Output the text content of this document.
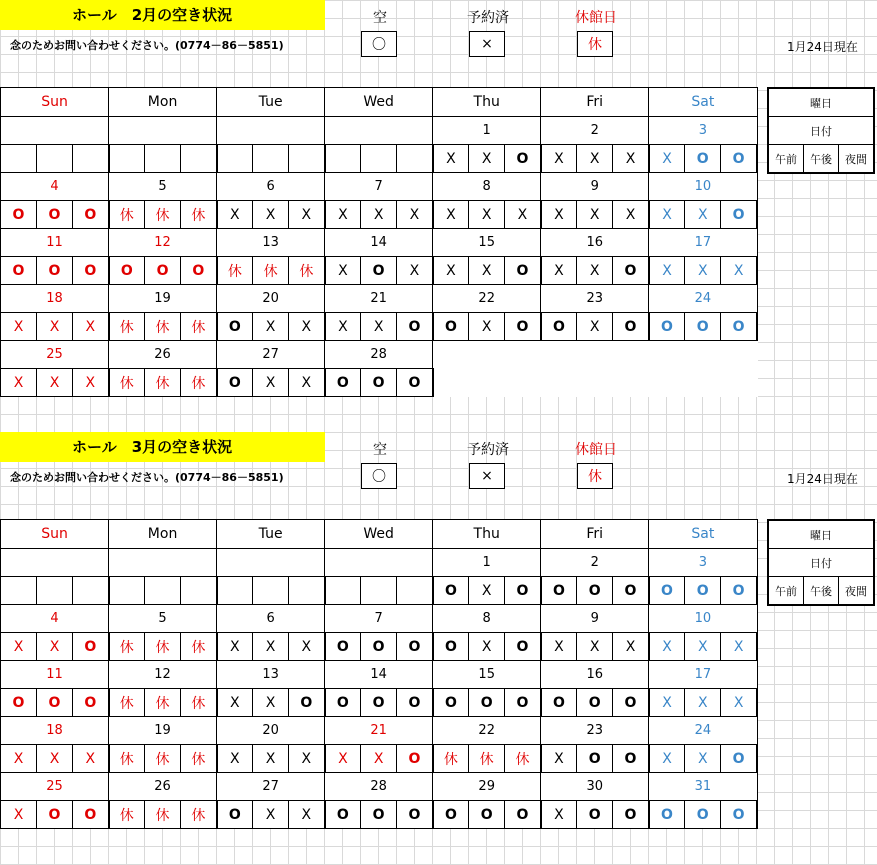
ホール　2月の空き状況
念のためお問い合わせください。(0774－86－5851)
空
〇
予約済
×
休館日
休	1月24日現在
Sun			Mon			Tue			Wed			Thu			Fri			Sat		
												1			2			3		
												X	X	O	X	X	X	X	O	O
4			5			6			7			8			9			10		
O	O	O	休	休	休	X	X	X	X	X	X	X	X	X	X	X	X	X	X	O
11			12			13			14			15			16			17		
O	O	O	O	O	O	休	休	休	X	O	X	X	X	O	X	X	O	X	X	X
18			19			20			21			22			23			24		
X	X	X	休	休	休	O	X	X	X	X	O	O	X	O	O	X	O	O	O	O
25			26			27			28											
X	X	X	休	休	休	O	X	X	O	O	O									
曜日
日付
午前	午後	夜間
ホール　3月の空き状況
念のためお問い合わせください。(0774－86－5851)
空
〇
予約済
×
休館日
休	1月24日現在
Sun			Mon			Tue			Wed			Thu			Fri			Sat		
												1			2			3		
												O	X	O	O	O	O	O	O	O
4			5			6			7			8			9			10		
X	X	O	休	休	休	X	X	X	O	O	O	O	X	O	X	X	X	X	X	X
11			12			13			14			15			16			17		
O	O	O	休	休	休	X	X	O	O	O	O	O	O	O	O	O	O	X	X	X
18			19			20			21			22			23			24		
X	X	X	休	休	休	X	X	X	X	X	O	休	休	休	X	O	O	X	X	O
25			26			27			28			29			30			31		
X	O	O	休	休	休	O	X	X	O	O	O	O	O	O	X	O	O	O	O	O
曜日
日付
午前	午後	夜間
